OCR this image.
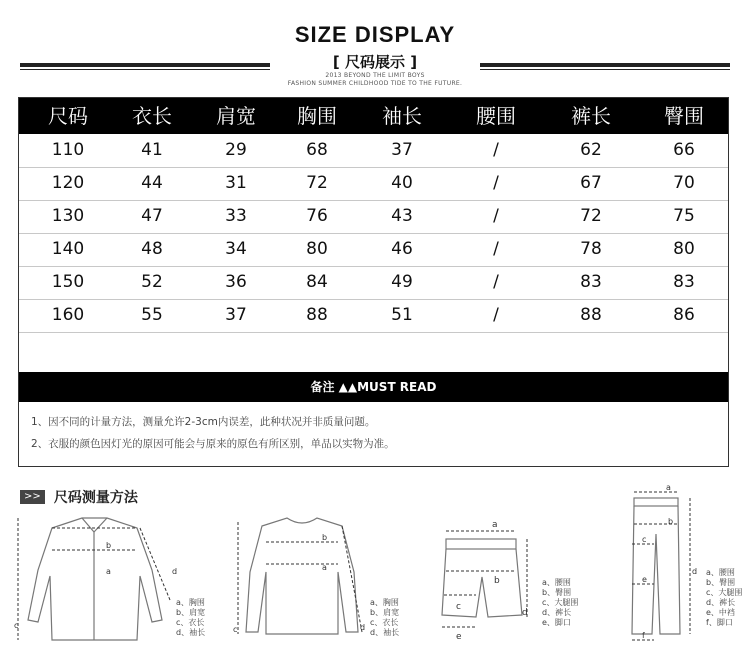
SIZE DISPLAY
[ 尺码展示 ]
2013 BEYOND THE LIMIT BOYS
FASHION SUMMER CHILDHOOD TIDE TO THE FUTURE.
尺码	衣长	肩宽	胸围	袖长	腰围	裤长	臀围
110	41	29	68	37	/	62	66
120	44	31	72	40	/	67	70
130	47	33	76	43	/	72	75
140	48	34	80	46	/	78	80
150	52	36	84	49	/	83	83
160	55	37	88	51	/	88	86
备注 ▲▲MUST READ
1、因不同的计量方法，测量允许2-3cm内误差，此种状况并非质量问题。
2、衣服的颜色因灯光的原因可能会与原来的原色有所区别，单品以实物为准。
>> 尺码测量方法
b
a
c
d
a、胸围
b、肩宽
c、衣长
d、袖长
b
a
c	d
a、胸围
b、肩宽
c、衣长
d、袖长
a
b
c
d
e
a、腰围
b、臀围
c、大腿围
d、裤长
e、脚口
a
b
c
d
e
f
a、腰围
b、臀围
c、大腿围
d、裤长
e、中裆
f、脚口
